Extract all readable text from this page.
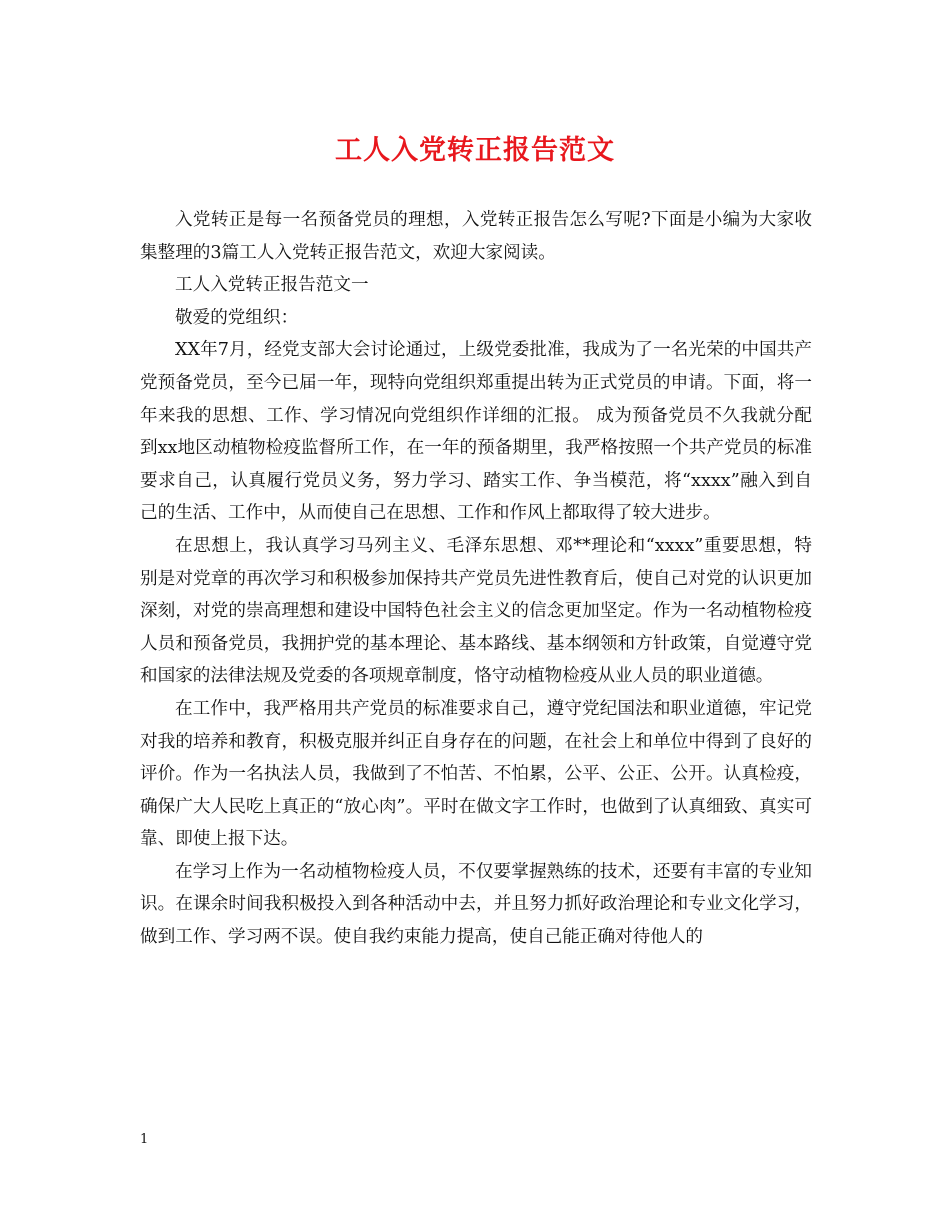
工人入党转正报告范文

入党转正是每一名预备党员的理想，入党转正报告怎么写呢?下面是小编为大家收集整理的3篇工人入党转正报告范文，欢迎大家阅读。

工人入党转正报告范文一

敬爱的党组织：

XX年7月，经党支部大会讨论通过，上级党委批准，我成为了一名光荣的中国共产党预备党员，至今已届一年，现特向党组织郑重提出转为正式党员的申请。下面，将一年来我的思想、工作、学习情况向党组织作详细的汇报。 成为预备党员不久我就分配到xx地区动植物检疫监督所工作，在一年的预备期里，我严格按照一个共产党员的标准要求自己，认真履行党员义务，努力学习、踏实工作、争当模范，将“xxxx”融入到自己的生活、工作中，从而使自己在思想、工作和作风上都取得了较大进步。

在思想上，我认真学习马列主义、毛泽东思想、邓**理论和“xxxx”重要思想，特别是对党章的再次学习和积极参加保持共产党员先进性教育后，使自己对党的认识更加深刻，对党的崇高理想和建设中国特色社会主义的信念更加坚定。作为一名动植物检疫人员和预备党员，我拥护党的基本理论、基本路线、基本纲领和方针政策，自觉遵守党和国家的法律法规及党委的各项规章制度，恪守动植物检疫从业人员的职业道德。

在工作中，我严格用共产党员的标准要求自己，遵守党纪国法和职业道德，牢记党对我的培养和教育，积极克服并纠正自身存在的问题，在社会上和单位中得到了良好的评价。作为一名执法人员，我做到了不怕苦、不怕累，公平、公正、公开。认真检疫，确保广大人民吃上真正的“放心肉”。平时在做文字工作时，也做到了认真细致、真实可靠、即使上报下达。

在学习上作为一名动植物检疫人员，不仅要掌握熟练的技术，还要有丰富的专业知识。在课余时间我积极投入到各种活动中去，并且努力抓好政治理论和专业文化学习，做到工作、学习两不误。使自我约束能力提高，使自己能正确对待他人的

1
